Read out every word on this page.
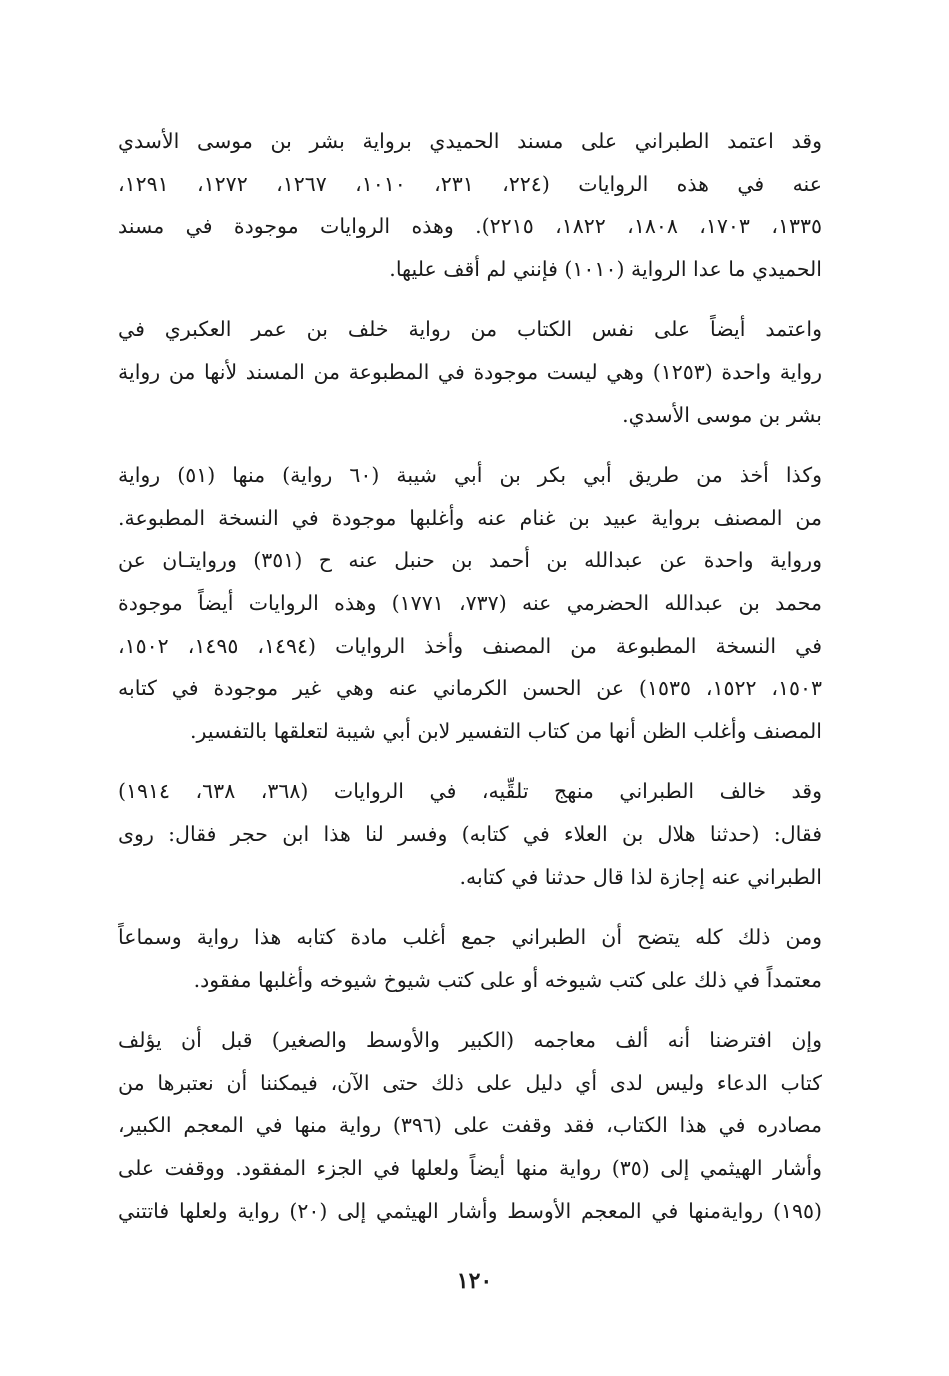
وقد اعتمد الطبراني على مسند الحميدي برواية بشر بن موسى الأسدي
عنه في هذه الروايات (٢٢٤، ٢٣١، ١٠١٠، ١٢٦٧، ١٢٧٢، ١٢٩١،
١٣٣٥، ١٧٠٣، ١٨٠٨، ١٨٢٢، ٢٢١٥). وهذه الروايات موجودة في مسند
الحميدي ما عدا الرواية (١٠١٠) فإنني لم أقف عليها.

واعتمد أيضاً على نفس الكتاب من رواية خلف بن عمر العكبري في
رواية واحدة (١٢٥٣) وهي ليست موجودة في المطبوعة من المسند لأنها من رواية
بشر بن موسى الأسدي.

وكذا أخذ من طريق أبي بكر بن أبي شيبة (٦٠ رواية) منها (٥١) رواية
من المصنف برواية عبيد بن غنام عنه وأغلبها موجودة في النسخة المطبوعة.
ورواية واحدة عن عبدالله بن أحمد بن حنبل عنه ح (٣٥١) وروايتـان عن
محمد بن عبدالله الحضرمي عنه (٧٣٧، ١٧٧١) وهذه الروايات أيضاً موجودة
في النسخة المطبوعة من المصنف وأخذ الروايات (١٤٩٤، ١٤٩٥، ١٥٠٢،
١٥٠٣، ١٥٢٢، ١٥٣٥) عن الحسن الكرماني عنه وهي غير موجودة في كتابه
المصنف وأغلب الظن أنها من كتاب التفسير لابن أبي شيبة لتعلقها بالتفسير.

وقد خالف الطبراني منهج تلقِّيه، في الروايات (٣٦٨، ٦٣٨، ١٩١٤)
فقال: (حدثنا هلال بن العلاء في كتابه) وفسر لنا هذا ابن حجر فقال: روى
الطبراني عنه إجازة لذا قال حدثنا في كتابه.

ومن ذلك كله يتضح أن الطبراني جمع أغلب مادة كتابه هذا رواية وسماعاً
معتمداً في ذلك على كتب شيوخه أو على كتب شيوخ شيوخه وأغلبها مفقود.

وإن افترضنا أنه ألف معاجمه (الكبير والأوسط والصغير) قبل أن يؤلف
كتاب الدعاء وليس لدى أي دليل على ذلك حتى الآن، فيمكننا أن نعتبرها من
مصادره في هذا الكتاب، فقد وقفت على (٣٩٦) رواية منها في المعجم الكبير،
وأشار الهيثمي إلى (٣٥) رواية منها أيضاً ولعلها في الجزء المفقود. ووقفت على
(١٩٥) روايةمنها في المعجم الأوسط وأشار الهيثمي إلى (٢٠) رواية ولعلها فاتتني

١٢٠
